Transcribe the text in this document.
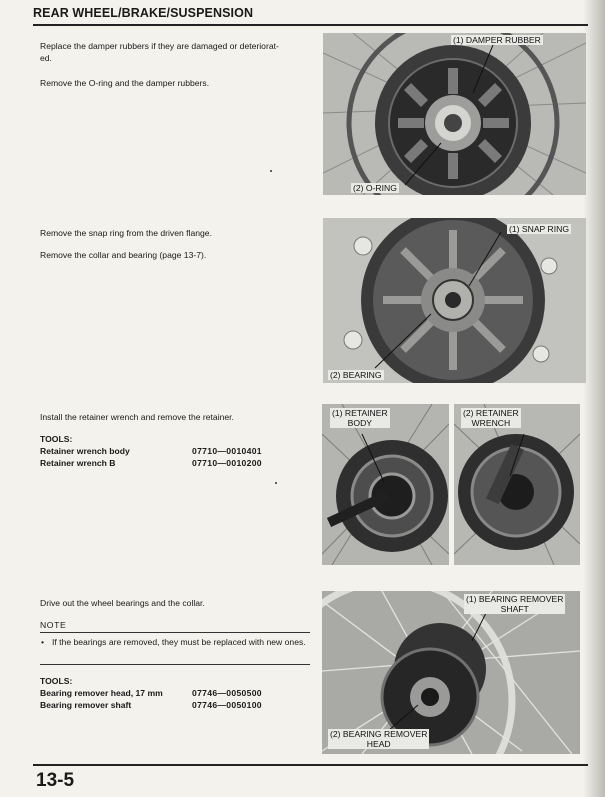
REAR WHEEL/BRAKE/SUSPENSION
Replace the damper rubbers if they are damaged or deteriorat-
ed.
Remove the O-ring and the damper rubbers.
(1) DAMPER RUBBER
(2) O-RING
Remove the snap ring from the driven flange.
Remove the collar and bearing (page 13-7).
(1) SNAP RING
(2) BEARING
Install the retainer wrench and remove the retainer.
TOOLS:
Retainer wrench body	07710—0010401
Retainer wrench B	07710—0010200
(1) RETAINER
BODY
(2) RETAINER
WRENCH
Drive out the wheel bearings and the collar.
NOTE
• If the bearings are removed, they must be replaced with new ones.
TOOLS:
Bearing remover head, 17 mm	07746—0050500
Bearing remover shaft	07746—0050100
(1) BEARING REMOVER
SHAFT
(2) BEARING REMOVER
HEAD
13-5
